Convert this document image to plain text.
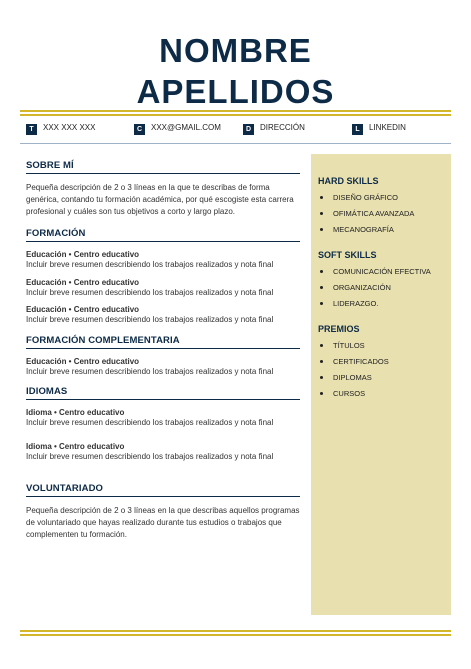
NOMBRE
APELLIDOS
T	XXX XXX XXX	C	XXX@GMAIL.COM	D	DIRECCIÓN	L	LINKEDIN
SOBRE MÍ
Pequeña descripción de 2 o 3 líneas en la que te describas de forma genérica, contando tu formación académica, por qué escogiste esta carrera profesional y cuáles son tus objetivos a corto y largo plazo.
FORMACIÓN
Educación • Centro educativo
Incluir breve resumen describiendo los trabajos realizados y nota final
Educación • Centro educativo
Incluir breve resumen describiendo los trabajos realizados y nota final
Educación • Centro educativo
Incluir breve resumen describiendo los trabajos realizados y nota final
FORMACIÓN COMPLEMENTARIA
Educación • Centro educativo
Incluir breve resumen describiendo los trabajos realizados y nota final
IDIOMAS
Idioma • Centro educativo
Incluir breve resumen describiendo los trabajos realizados y nota final
Idioma • Centro educativo
Incluir breve resumen describiendo los trabajos realizados y nota final
VOLUNTARIADO
Pequeña descripción de 2 o 3 líneas en la que describas aquellos programas de voluntariado que hayas realizado durante tus estudios o trabajos que complementen tu formación.
HARD SKILLS
DISEÑO GRÁFICO
OFIMÁTICA AVANZADA
MECANOGRAFÍA
SOFT SKILLS
COMUNICACIÓN EFECTIVA
ORGANIZACIÓN
LIDERAZGO.
PREMIOS
TÍTULOS
CERTIFICADOS
DIPLOMAS
CURSOS
